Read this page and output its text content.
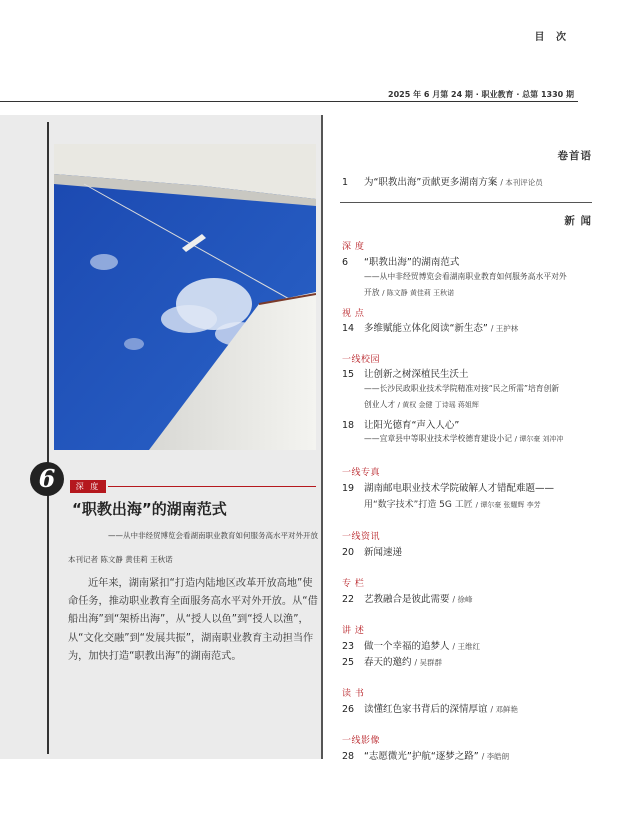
目 次
2025 年 6 月第 24 期 · 职业教育 · 总第 1330 期
6	深 度
“职教出海”的湖南范式
——从中非经贸博览会看湖南职业教育如何服务高水平对外开放
本刊记者 陈文静 黄佳莉 王秋诺
近年来，湖南紧扣“打造内陆地区改革开放高地”使命任务，推动职业教育全面服务高水平对外开放。从“借船出海”到“架桥出海”，从“授人以鱼”到“授人以渔”，从“文化交融”到“发展共振”，湖南职业教育主动担当作为，加快打造“职教出海”的湖南范式。
卷首语
1 为“职教出海”贡献更多湖南方案 / 本刊评论员
新 闻
深 度
6 “职教出海”的湖南范式
——从中非经贸博览会看湖南职业教育如何服务高水平对外
开放 / 陈文静 黄佳莉 王秋诺
视 点
14 多维赋能立体化阅读“新生态” / 王护林
一线校园
15 让创新之树深植民生沃土
——长沙民政职业技术学院精准对接“民之所需”培育创新
创业人才 / 黄权 金健 丁诗瑶 蒋姐辉
18 让阳光德育“声入人心”
——宜章县中等职业技术学校德育建设小记 / 谭尔豪 刘冲冲
一线专真
19 湖南邮电职业技术学院破解人才错配难题——
用“数字技术”打造 5G 工匠 / 谭尔豪 张耀辉 李芳
一线资讯
20 新闻速递
专 栏
22 艺教融合是彼此需要 / 徐峰
讲 述
23 做一个幸福的追梦人 / 王维红
25 春天的邀约 / 吴群群
读 书
26 读懂红色家书背后的深情厚谊 / 邓鲜艳
一线影像
28 “志愿微光”护航“逐梦之路” / 李皓朗
